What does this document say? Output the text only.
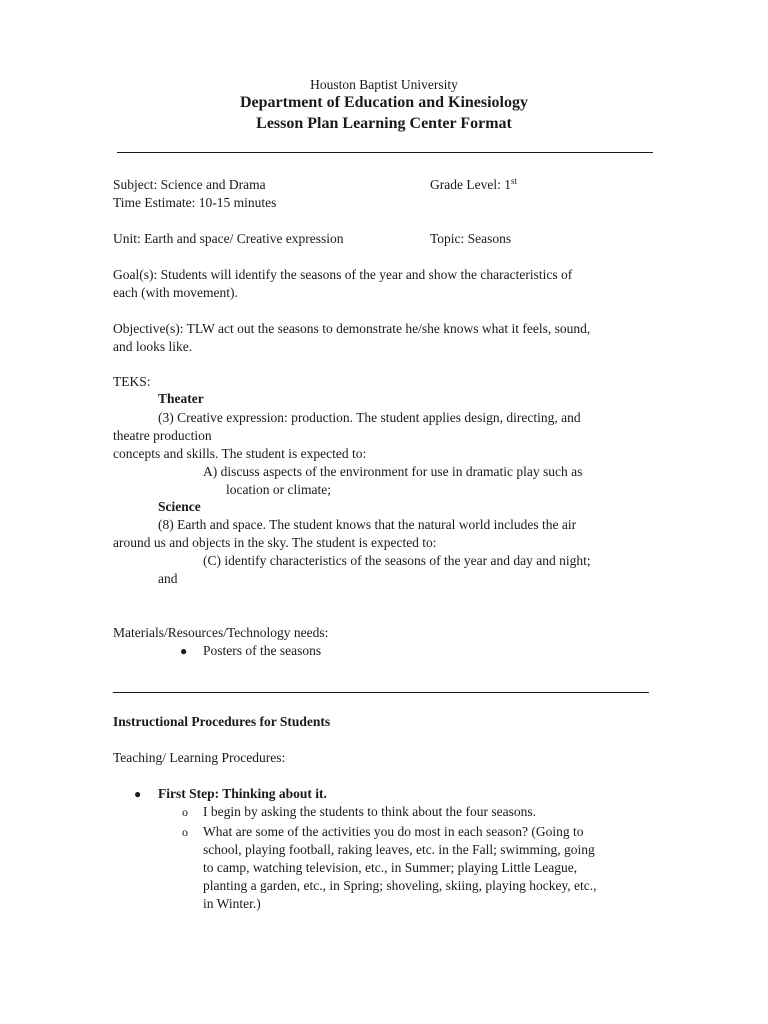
Houston Baptist University
Department of Education and Kinesiology
Lesson Plan Learning Center Format
Subject: Science and Drama	Grade Level: 1st
Time Estimate: 10-15 minutes
Unit: Earth and space/ Creative expression	Topic: Seasons
Goal(s): Students will identify the seasons of the year and show the characteristics of
each (with movement).
Objective(s): TLW act out the seasons to demonstrate he/she knows what it feels, sound,
and looks like.
TEKS:
Theater
(3) Creative expression: production. The student applies design, directing, and
theatre production
concepts and skills. The student is expected to:
A) discuss aspects of the environment for use in dramatic play such as
location or climate;
Science
(8) Earth and space. The student knows that the natural world includes the air
around us and objects in the sky. The student is expected to:
(C) identify characteristics of the seasons of the year and day and night;
and
Materials/Resources/Technology needs:
● Posters of the seasons
Instructional Procedures for Students
Teaching/ Learning Procedures:
● First Step: Thinking about it.
o I begin by asking the students to think about the four seasons.
o What are some of the activities you do most in each season? (Going to
school, playing football, raking leaves, etc. in the Fall; swimming, going
to camp, watching television, etc., in Summer; playing Little League,
planting a garden, etc., in Spring; shoveling, skiing, playing hockey, etc.,
in Winter.)
